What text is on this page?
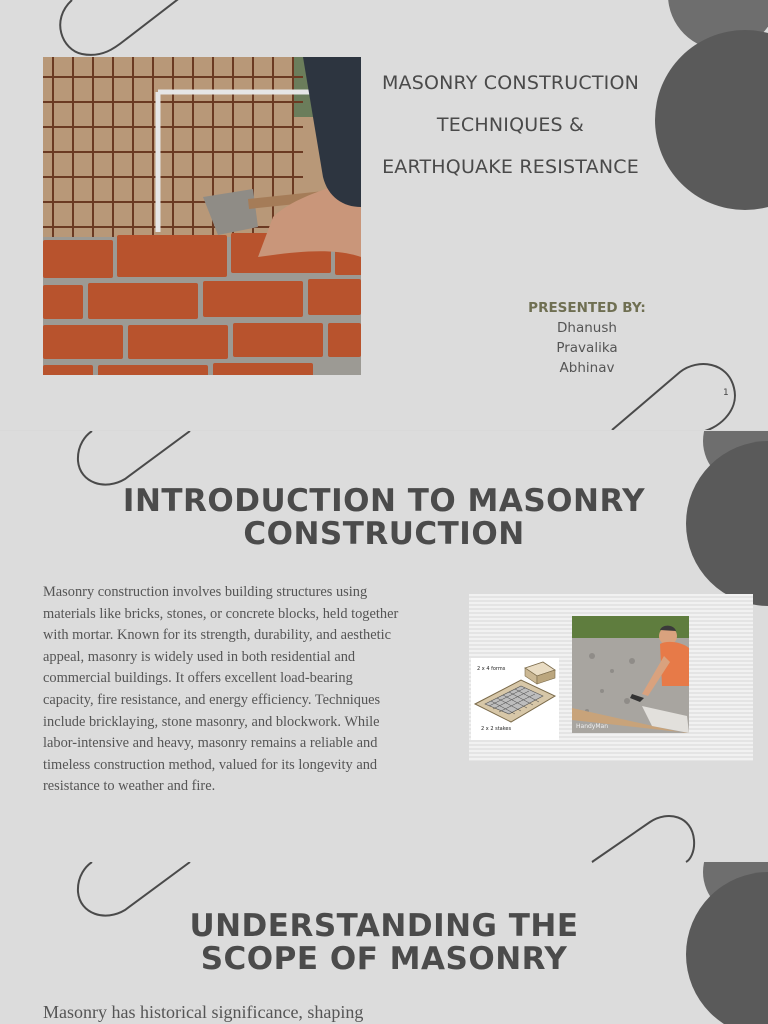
MASONRY CONSTRUCTION
TECHNIQUES &
EARTHQUAKE RESISTANCE
PRESENTED BY:
Dhanush
Pravalika
Abhinav
1
INTRODUCTION TO MASONRY
CONSTRUCTION
Masonry construction involves building structures using
materials like bricks, stones, or concrete blocks, held together
with mortar. Known for its strength, durability, and aesthetic
appeal, masonry is widely used in both residential and
commercial buildings. It offers excellent load-bearing
capacity, fire resistance, and energy efficiency. Techniques
include bricklaying, stone masonry, and blockwork. While
labor-intensive and heavy, masonry remains a reliable and
timeless construction method, valued for its longevity and
resistance to weather and fire.
2 x 4 forms
2 x 2 stakes	HandyMan
UNDERSTANDING THE
SCOPE OF MASONRY
Masonry has historical significance, shaping
